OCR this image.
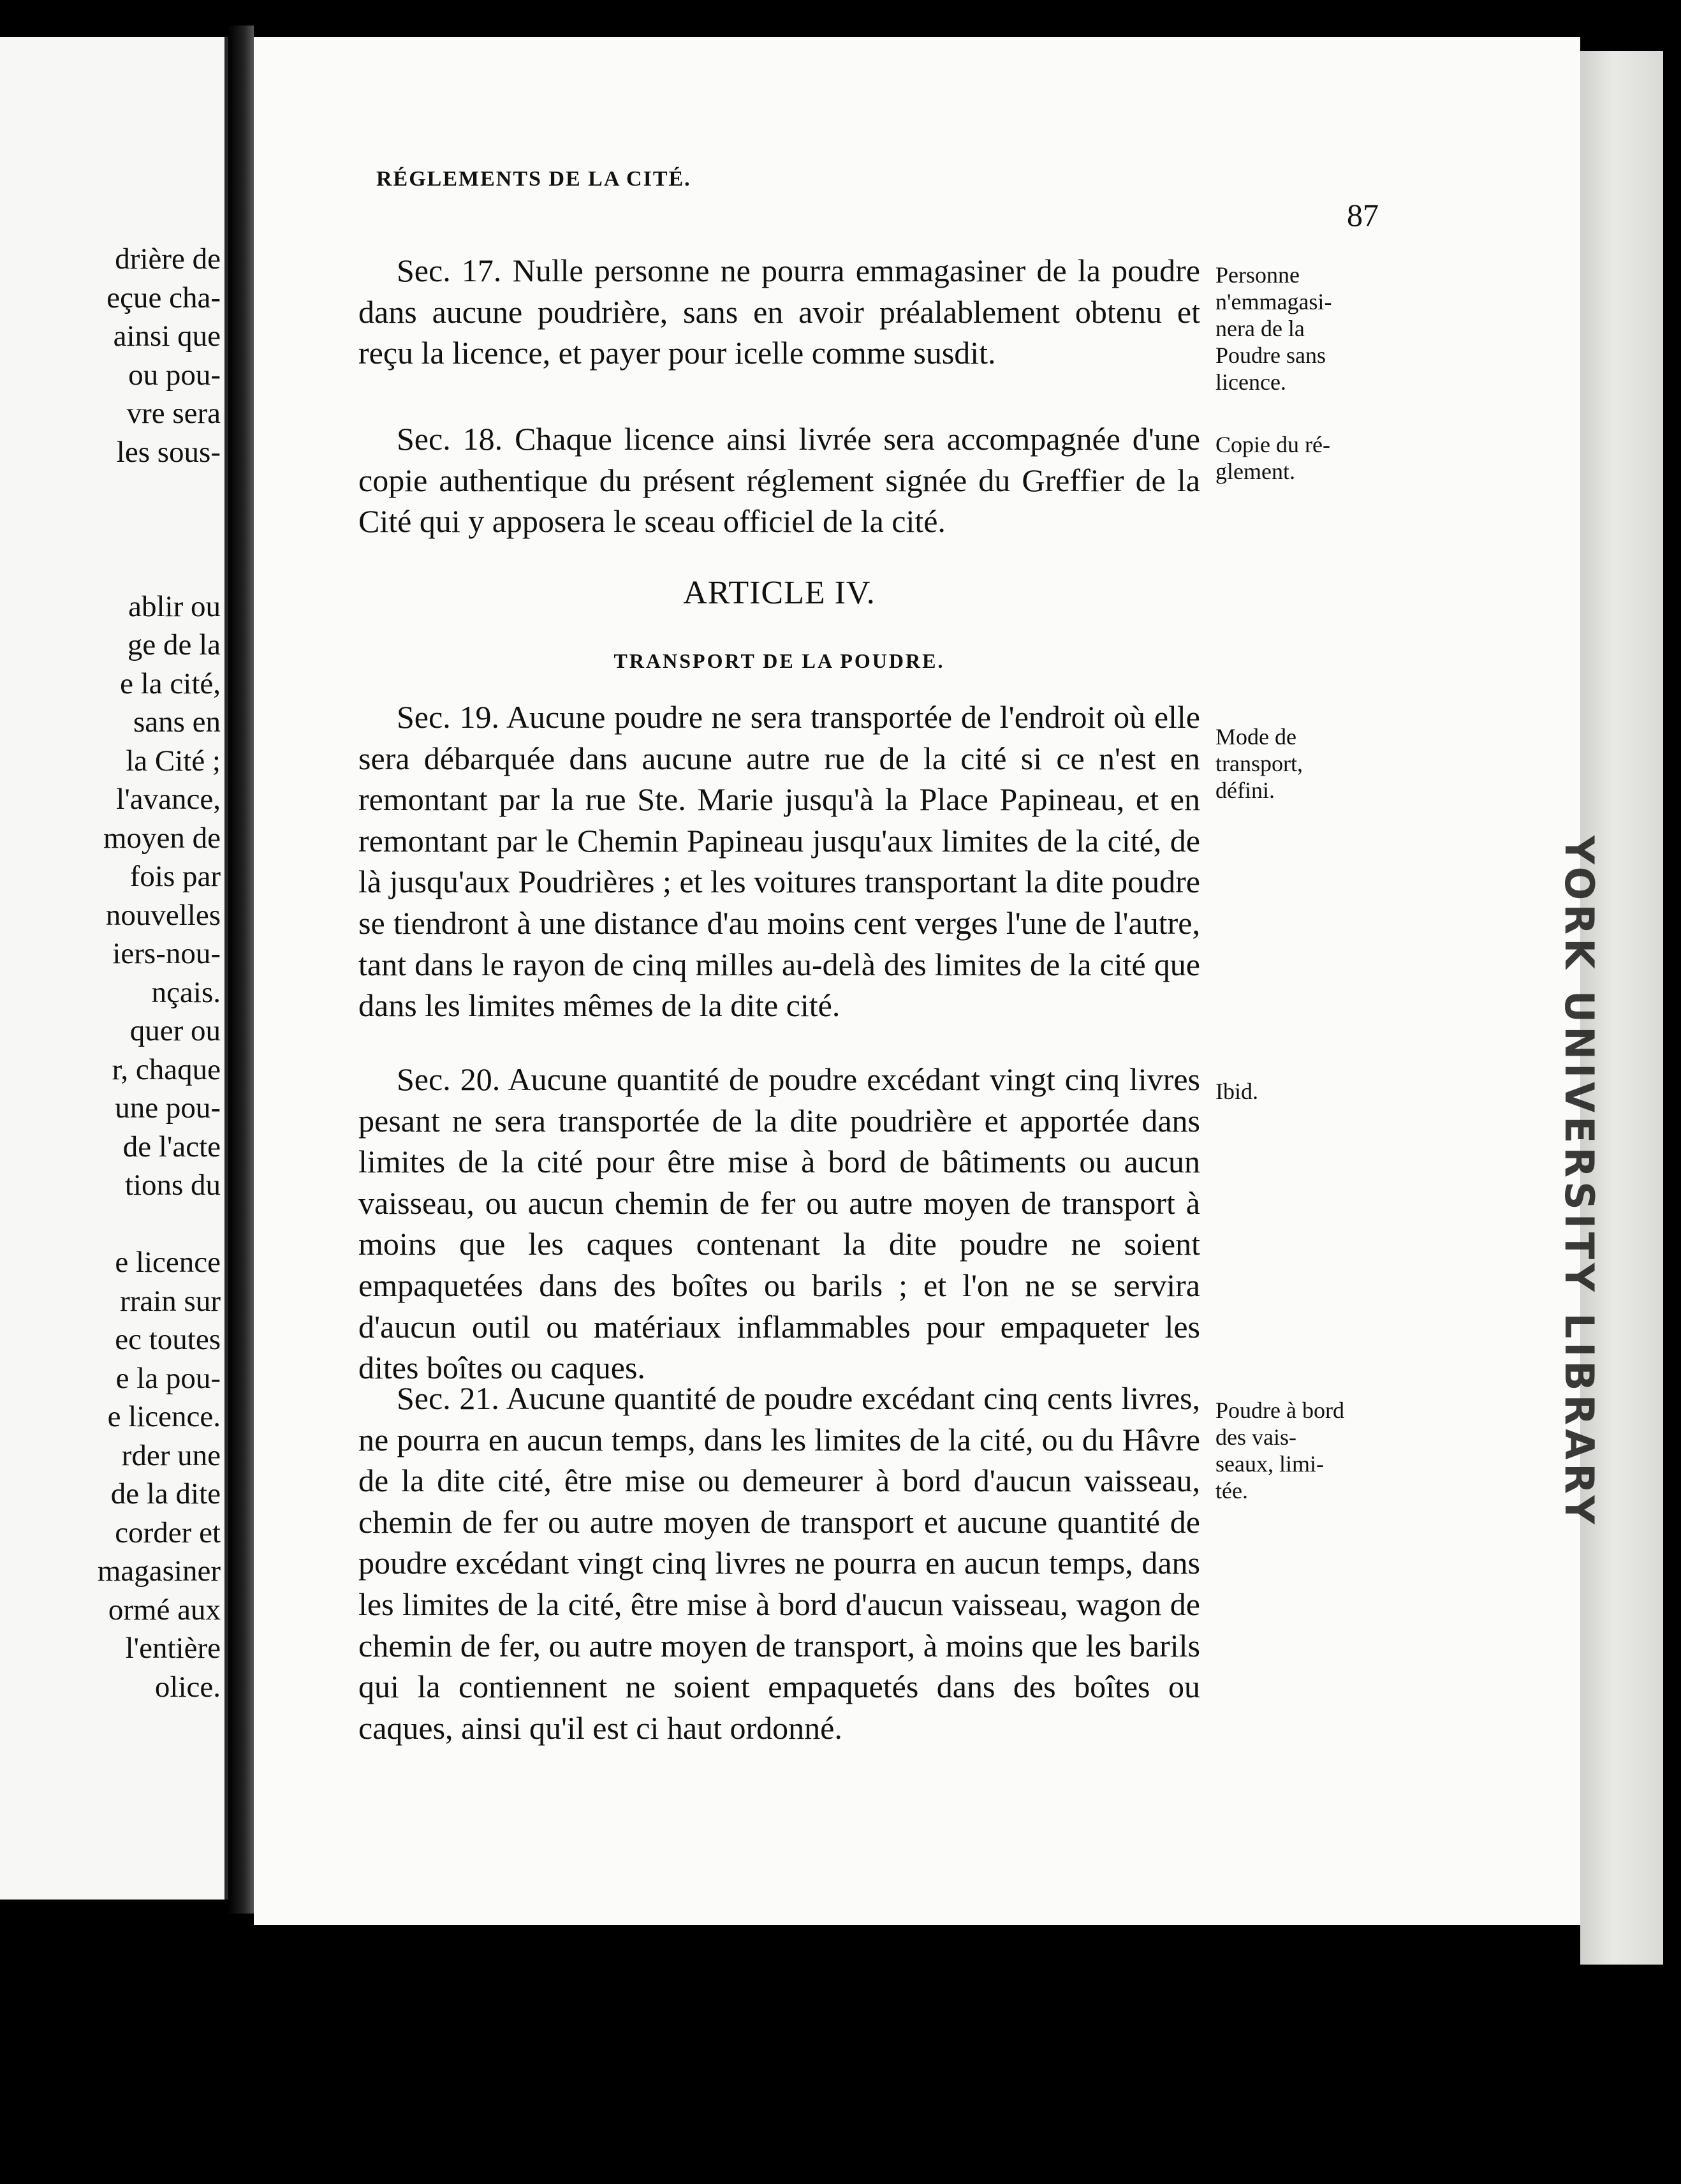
drière de
eçue cha-
ainsi que
ou pou-
vre sera
les sous-
ablir ou
ge de la
e la cité,
sans en
la Cité ;
l'avance,
moyen de
fois par
nouvelles
iers-nou-
nçais.
quer ou
r, chaque
une pou-
de l'acte
tions du
e licence
rrain sur
ec toutes
e la pou-
e licence.
rder une
de la dite
corder et
magasiner
ormé aux
l'entière
olice.
RÉGLEMENTS DE LA CITÉ.
87

Sec. 17. Nulle personne ne pourra emmagasiner de la poudre dans aucune poudrière, sans en avoir préalablement obtenu et reçu la licence, et payer pour icelle comme susdit.

Sec. 18. Chaque licence ainsi livrée sera accompagnée d'une copie authentique du présent réglement signée du Greffier de la Cité qui y apposera le sceau officiel de la cité.

ARTICLE IV.
TRANSPORT DE LA POUDRE.

Sec. 19. Aucune poudre ne sera transportée de l'endroit où elle sera débarquée dans aucune autre rue de la cité si ce n'est en remontant par la rue Ste. Marie jusqu'à la Place Papineau, et en remontant par le Chemin Papineau jusqu'aux limites de la cité, de là jusqu'aux Poudrières ; et les voitures transportant la dite poudre se tiendront à une distance d'au moins cent verges l'une de l'autre, tant dans le rayon de cinq milles au-delà des limites de la cité que dans les limites mêmes de la dite cité.

Sec. 20. Aucune quantité de poudre excédant vingt cinq livres pesant ne sera transportée de la dite poudrière et apportée dans limites de la cité pour être mise à bord de bâtiments ou aucun vaisseau, ou aucun chemin de fer ou autre moyen de transport à moins que les caques contenant la dite poudre ne soient empaquetées dans des boîtes ou barils ; et l'on ne se servira d'aucun outil ou matériaux inflammables pour empaqueter les dites boîtes ou caques.

Sec. 21. Aucune quantité de poudre excédant cinq cents livres, ne pourra en aucun temps, dans les limites de la cité, ou du Hâvre de la dite cité, être mise ou demeurer à bord d'aucun vaisseau, chemin de fer ou autre moyen de transport et aucune quantité de poudre excédant vingt cinq livres ne pourra en aucun temps, dans les limites de la cité, être mise à bord d'aucun vaisseau, wagon de chemin de fer, ou autre moyen de transport, à moins que les barils qui la contiennent ne soient empaquetés dans des boîtes ou caques, ainsi qu'il est ci haut ordonné.

Personne
n'emmagasi-
nera de la
Poudre sans
licence.
Copie du ré-
glement.
Mode de
transport,
défini.
Ibid.
Poudre à bord
des vais-
seaux, limi-
tée.	YORK UNIVERSITY LIBRARY
